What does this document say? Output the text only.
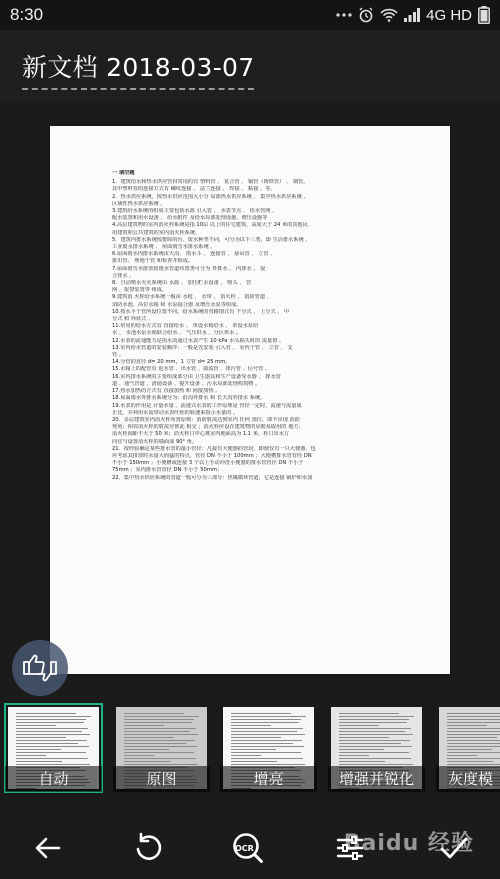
8:30	4G HD
新文档 2018-03-07
一 填空题
1．建筑给水和热水供应管材常用的有 塑料管 、 复合管 、 铜管（铸铁管） 、 钢管。
其中塑料管的连接方式有 螺纹连接 、 法兰连接 、 焊接 、 粘接 、等。
2．热水供应系统，按热水供应范围大小分 局部热水供应系统 、 集中热水供应系统 、
区域性热水供应系统 。
3.建筑给水系统的组成主要包括水源 引入管 、 水表节点 、 给水管网 、
配水装置和用水设备 、 给水附件 及给水局部处理设施、增压设施等
4.高层建筑物的室内消火栓系统是指 10层 以上的住宅建筑，高度大于 24 米的其他民
用建筑和公共建筑的室内消火栓系统。
5．建筑内排水系统按排除的污、废水种类不同，可分为以下三类，即 生活排水系统 、
工业废水排水系统 、 屋面雨雪水排水系统 。
6.屋面雨水内排水系统由天沟、 雨水斗 、 连接管 、 悬吊管 、 立管 、
排出管、 埋地干管 和检查井组成。
7.屋面雨雪水排放按雨水管道布置类可分为 外排水 、 内排水 、 混
合排水 。
8．自动喷水灭火系统由 水源 、 加压贮水设备 、 喷头 、 管
网 、报警装置等 组成。
9.建筑消 火栓给水系统一般由 水枪 、 水带 、 消火栓 、 消防管道 、
消防水池、高位水箱 和 水泵接合器 及增压水泵等组成。
10.按水平干管所设位置不同，给水系统的管路图式有 下分式 、 上分式 、 中
分式 和 环状式 。
11.常用的给水方式有 直接给水 、 单设水箱给水 、 单设水泵给
水 、 水池水泵水箱联合给水 、 气压供水 、分区供水 。
12.水表的流通能力是指水流通过水表产生 10 kPa 水头损失时的 流量值 。
13.室内给水管道的安装顺序：一般是先安装 引入管 、 室内干管 、 立管 、 支
管 。
14.分管的直径 d= 20 mm，1 寸管 d= 25 mm。
15.水箱上的配管有 进水管 、出水管 、溢流管 、排污管 、信号管 。
16.室内排水系统的主要组成部分由 卫生器具和生产设备受水器 、 排水管
道 、通气管道 、清通设备 、提升设备 、污水局部处理构筑物 。
17.热水加热的方式有 直接加热 和 间接加热 。
18.屋面雨水外排水系统分为：沿沟外排水 和 长天沟外排水 系统。
19.水表的作用是 计量水量 。流速式水表的工作原理是 管径一定时，流速与流量成
正比，并利用水流带动水表叶轮的转速来指示水量的 。
20．多层建筑室内消火栓布置原则：消防射流达到室内 任何 部位，即不出现 消防
死角；相邻消火栓的射流应彼此 相交 ；消火栓应设在建筑物的显眼易取用的 地方；
消火栓间距不大于 50 米；消火栓口中心离室内地面高为 1.1 米，栓口出水方
向宜与设置消火栓的墙面成 90° 角。
21．按经验确定某些排水管的最小管径：凡接有大便器的管段，即使仅有一只大便器，也
应考虑其排放时水量大而猛的特点，管径 DN 不小于 100mm ；大便槽排水管管径 DN
不小于 150mm ；小便槽或连接 3 个以上手动冲洗小便器的排水管管径 DN 不小于
75mm ；室内排水管管径 DN 不小于 50mm；
22．集中热水供应系统的管道一般可分为三部分：热媒循环管道，它是连接 锅炉和水加
自动	原图	增亮	增强并锐化	灰度模
OCR	Baidu 经验
